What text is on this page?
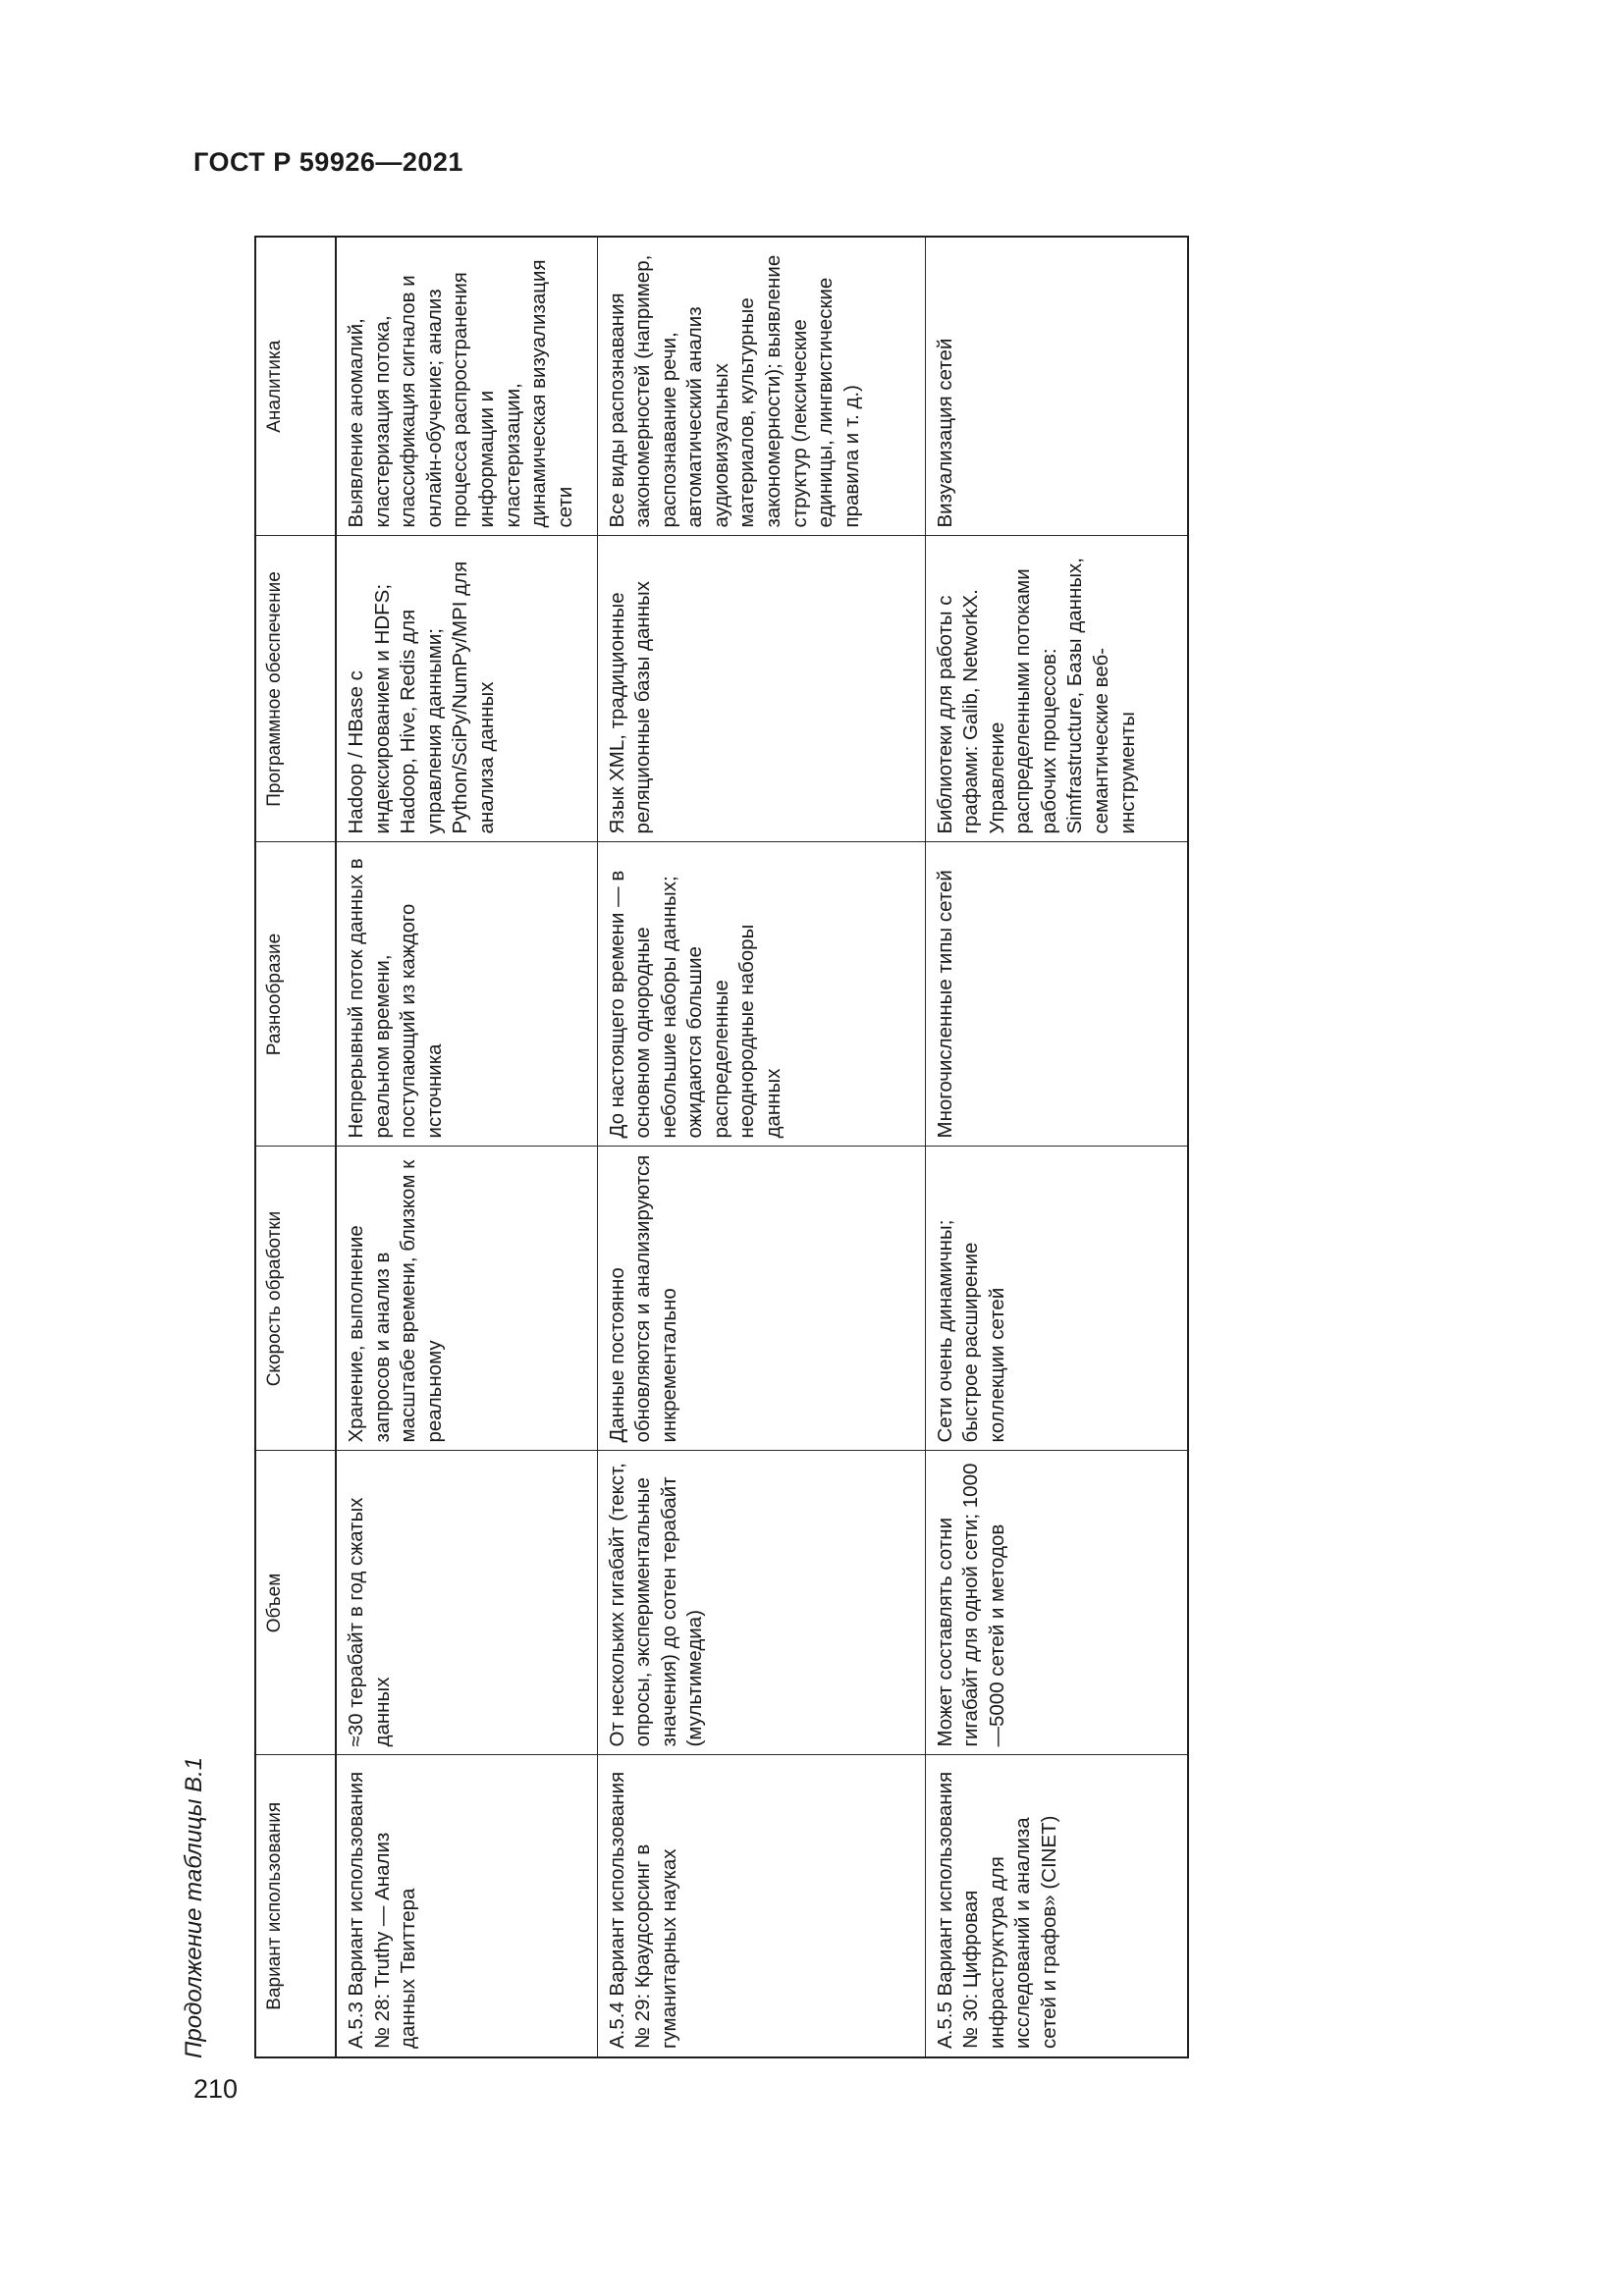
ГОСТ Р 59926—2021
210
Продолжение таблицы В.1	Вариант использования	Объем	Скорость обработки	Разнообразие	Программное обеспечение	Аналитика
А.5.3 Вариант использования № 28: Truthy — Анализ данных Твиттера	≈30 терабайт в год сжатых данных	Хранение, выполнение запросов и анализ в масштабе времени, близком к реальному	Непрерывный поток данных в реальном времени, поступающий из каждого источника	Hadoop / HBase с индексированием и HDFS; Hadoop, Hive, Redis для управления данными; Python/SciPy/NumPy/MPI для анализа данных	Выявление аномалий, кластеризация потока, классификация сигналов и онлайн-обучение; анализ процесса распространения информации и кластеризации, динамическая визуализация сети
А.5.4 Вариант использования № 29: Краудсорсинг в гуманитарных науках	От нескольких гигабайт (текст, опросы, экспериментальные значения) до сотен терабайт (мультимедиа)	Данные постоянно обновляются и анализируются инкрементально	До настоящего времени — в основном однородные небольшие наборы данных; ожидаются большие распределенные неоднородные наборы данных	Язык XML, традиционные реляционные базы данных	Все виды распознавания закономерностей (например, распознавание речи, автоматический анализ аудиовизуальных материалов, культурные закономерности); выявление структур (лексические единицы, лингвистические правила и т. д.)
А.5.5 Вариант использования № 30: Цифровая инфраструктура для исследований и анализа сетей и графов» (CINET)	Может составлять сотни гигабайт для одной сети; 1000—5000 сетей и методов	Сети очень динамичны; быстрое расширение коллекции сетей	Многочисленные типы сетей	Библиотеки для работы с графами: Galib, NetworkX. Управление распределенными потоками рабочих процессов: Simfrastructure, Базы данных, семантические веб-инструменты	Визуализация сетей
